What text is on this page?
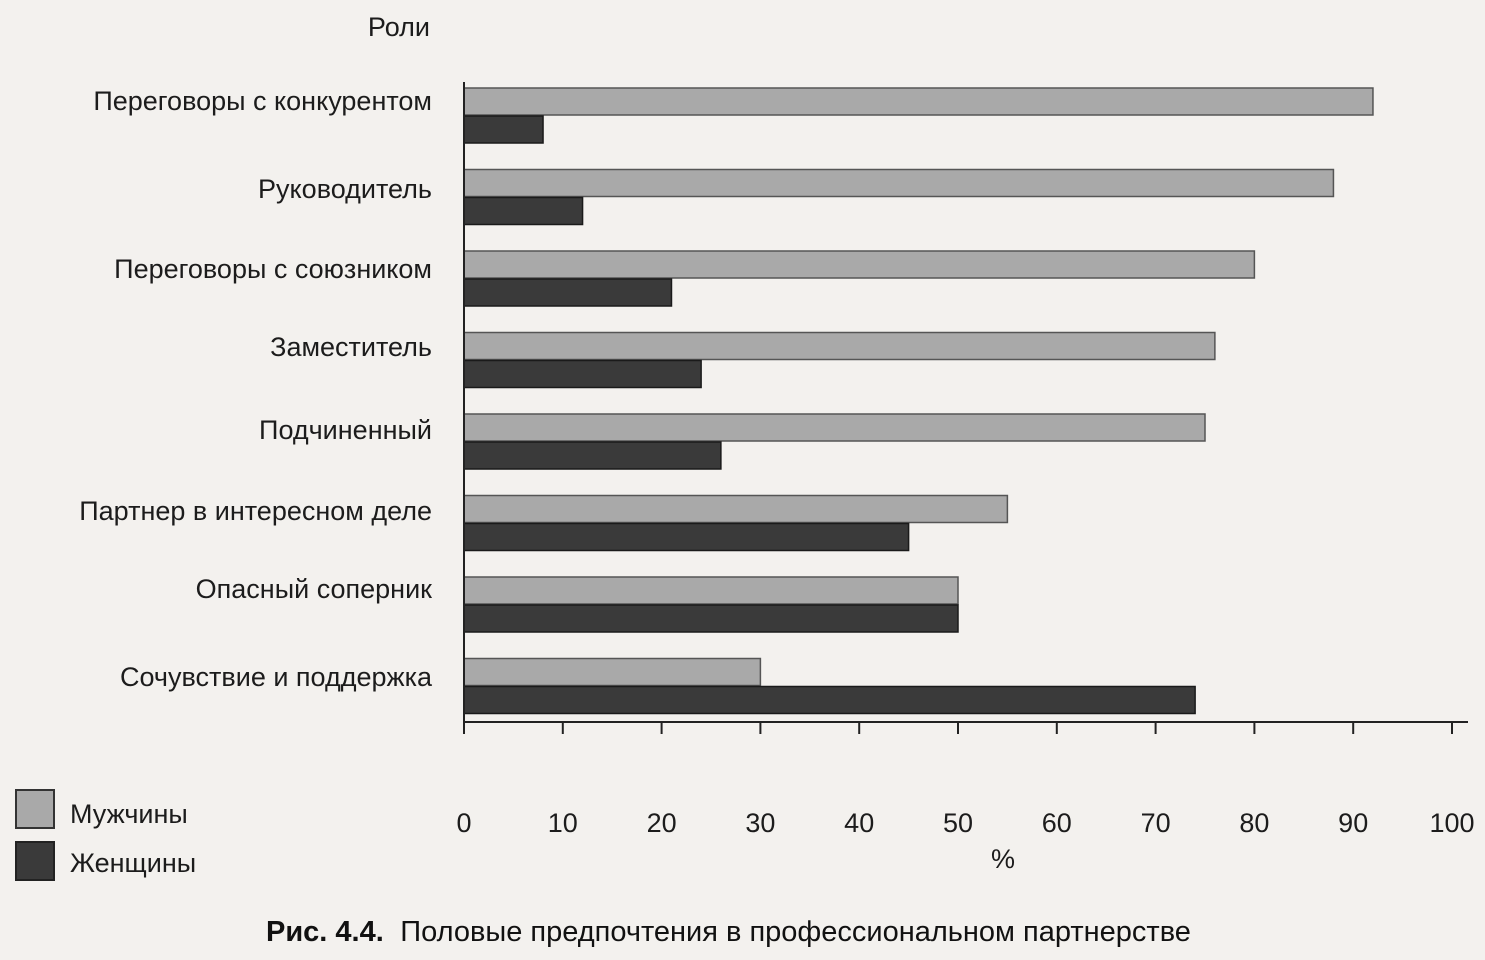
Переговоры с конкурентом
Руководитель
Переговоры с союзником
Заместитель
Подчиненный
Партнер в интересном деле
Опасный соперник
Сочувствие и поддержка
0	10	20	30	40	50	60	70	80	90 100
Роли
%
Мужчины
Женщины
Рис. 4.4. Половые предпочтения в профессиональном партнерстве
